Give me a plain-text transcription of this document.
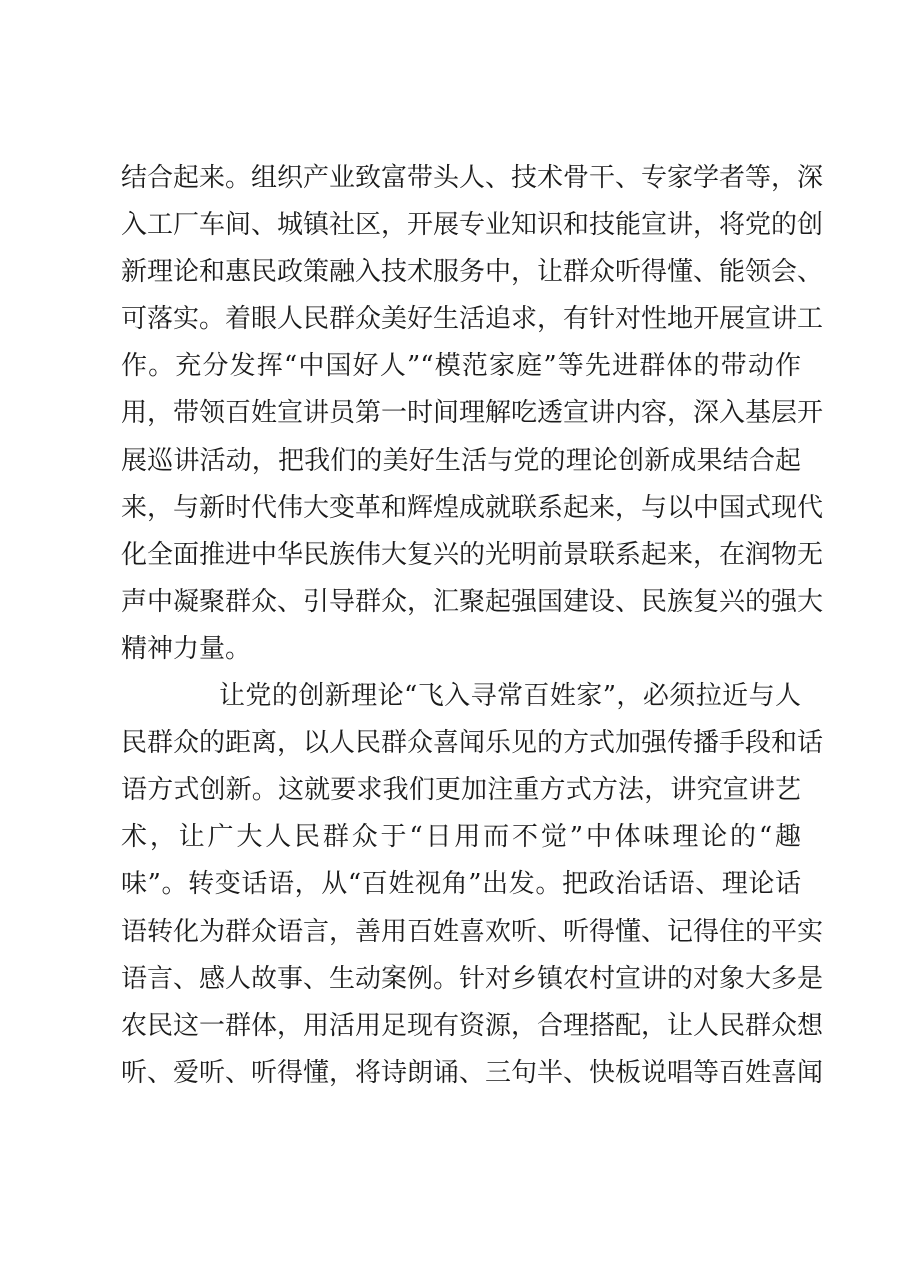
结合起来。组织产业致富带头人、技术骨干、专家学者等，深
入工厂车间、城镇社区，开展专业知识和技能宣讲，将党的创
新理论和惠民政策融入技术服务中，让群众听得懂、能领会、
可落实。着眼人民群众美好生活追求，有针对性地开展宣讲工
作。充分发挥“中国好人”“模范家庭”等先进群体的带动作
用，带领百姓宣讲员第一时间理解吃透宣讲内容，深入基层开
展巡讲活动，把我们的美好生活与党的理论创新成果结合起
来，与新时代伟大变革和辉煌成就联系起来，与以中国式现代
化全面推进中华民族伟大复兴的光明前景联系起来，在润物无
声中凝聚群众、引导群众，汇聚起强国建设、民族复兴的强大
精神力量。
让党的创新理论“飞入寻常百姓家”，必须拉近与人
民群众的距离，以人民群众喜闻乐见的方式加强传播手段和话
语方式创新。这就要求我们更加注重方式方法，讲究宣讲艺
术，让广大人民群众于“日用而不觉”中体味理论的“趣
味”。转变话语，从“百姓视角”出发。把政治话语、理论话
语转化为群众语言，善用百姓喜欢听、听得懂、记得住的平实
语言、感人故事、生动案例。针对乡镇农村宣讲的对象大多是
农民这一群体，用活用足现有资源，合理搭配，让人民群众想
听、爱听、听得懂，将诗朗诵、三句半、快板说唱等百姓喜闻
